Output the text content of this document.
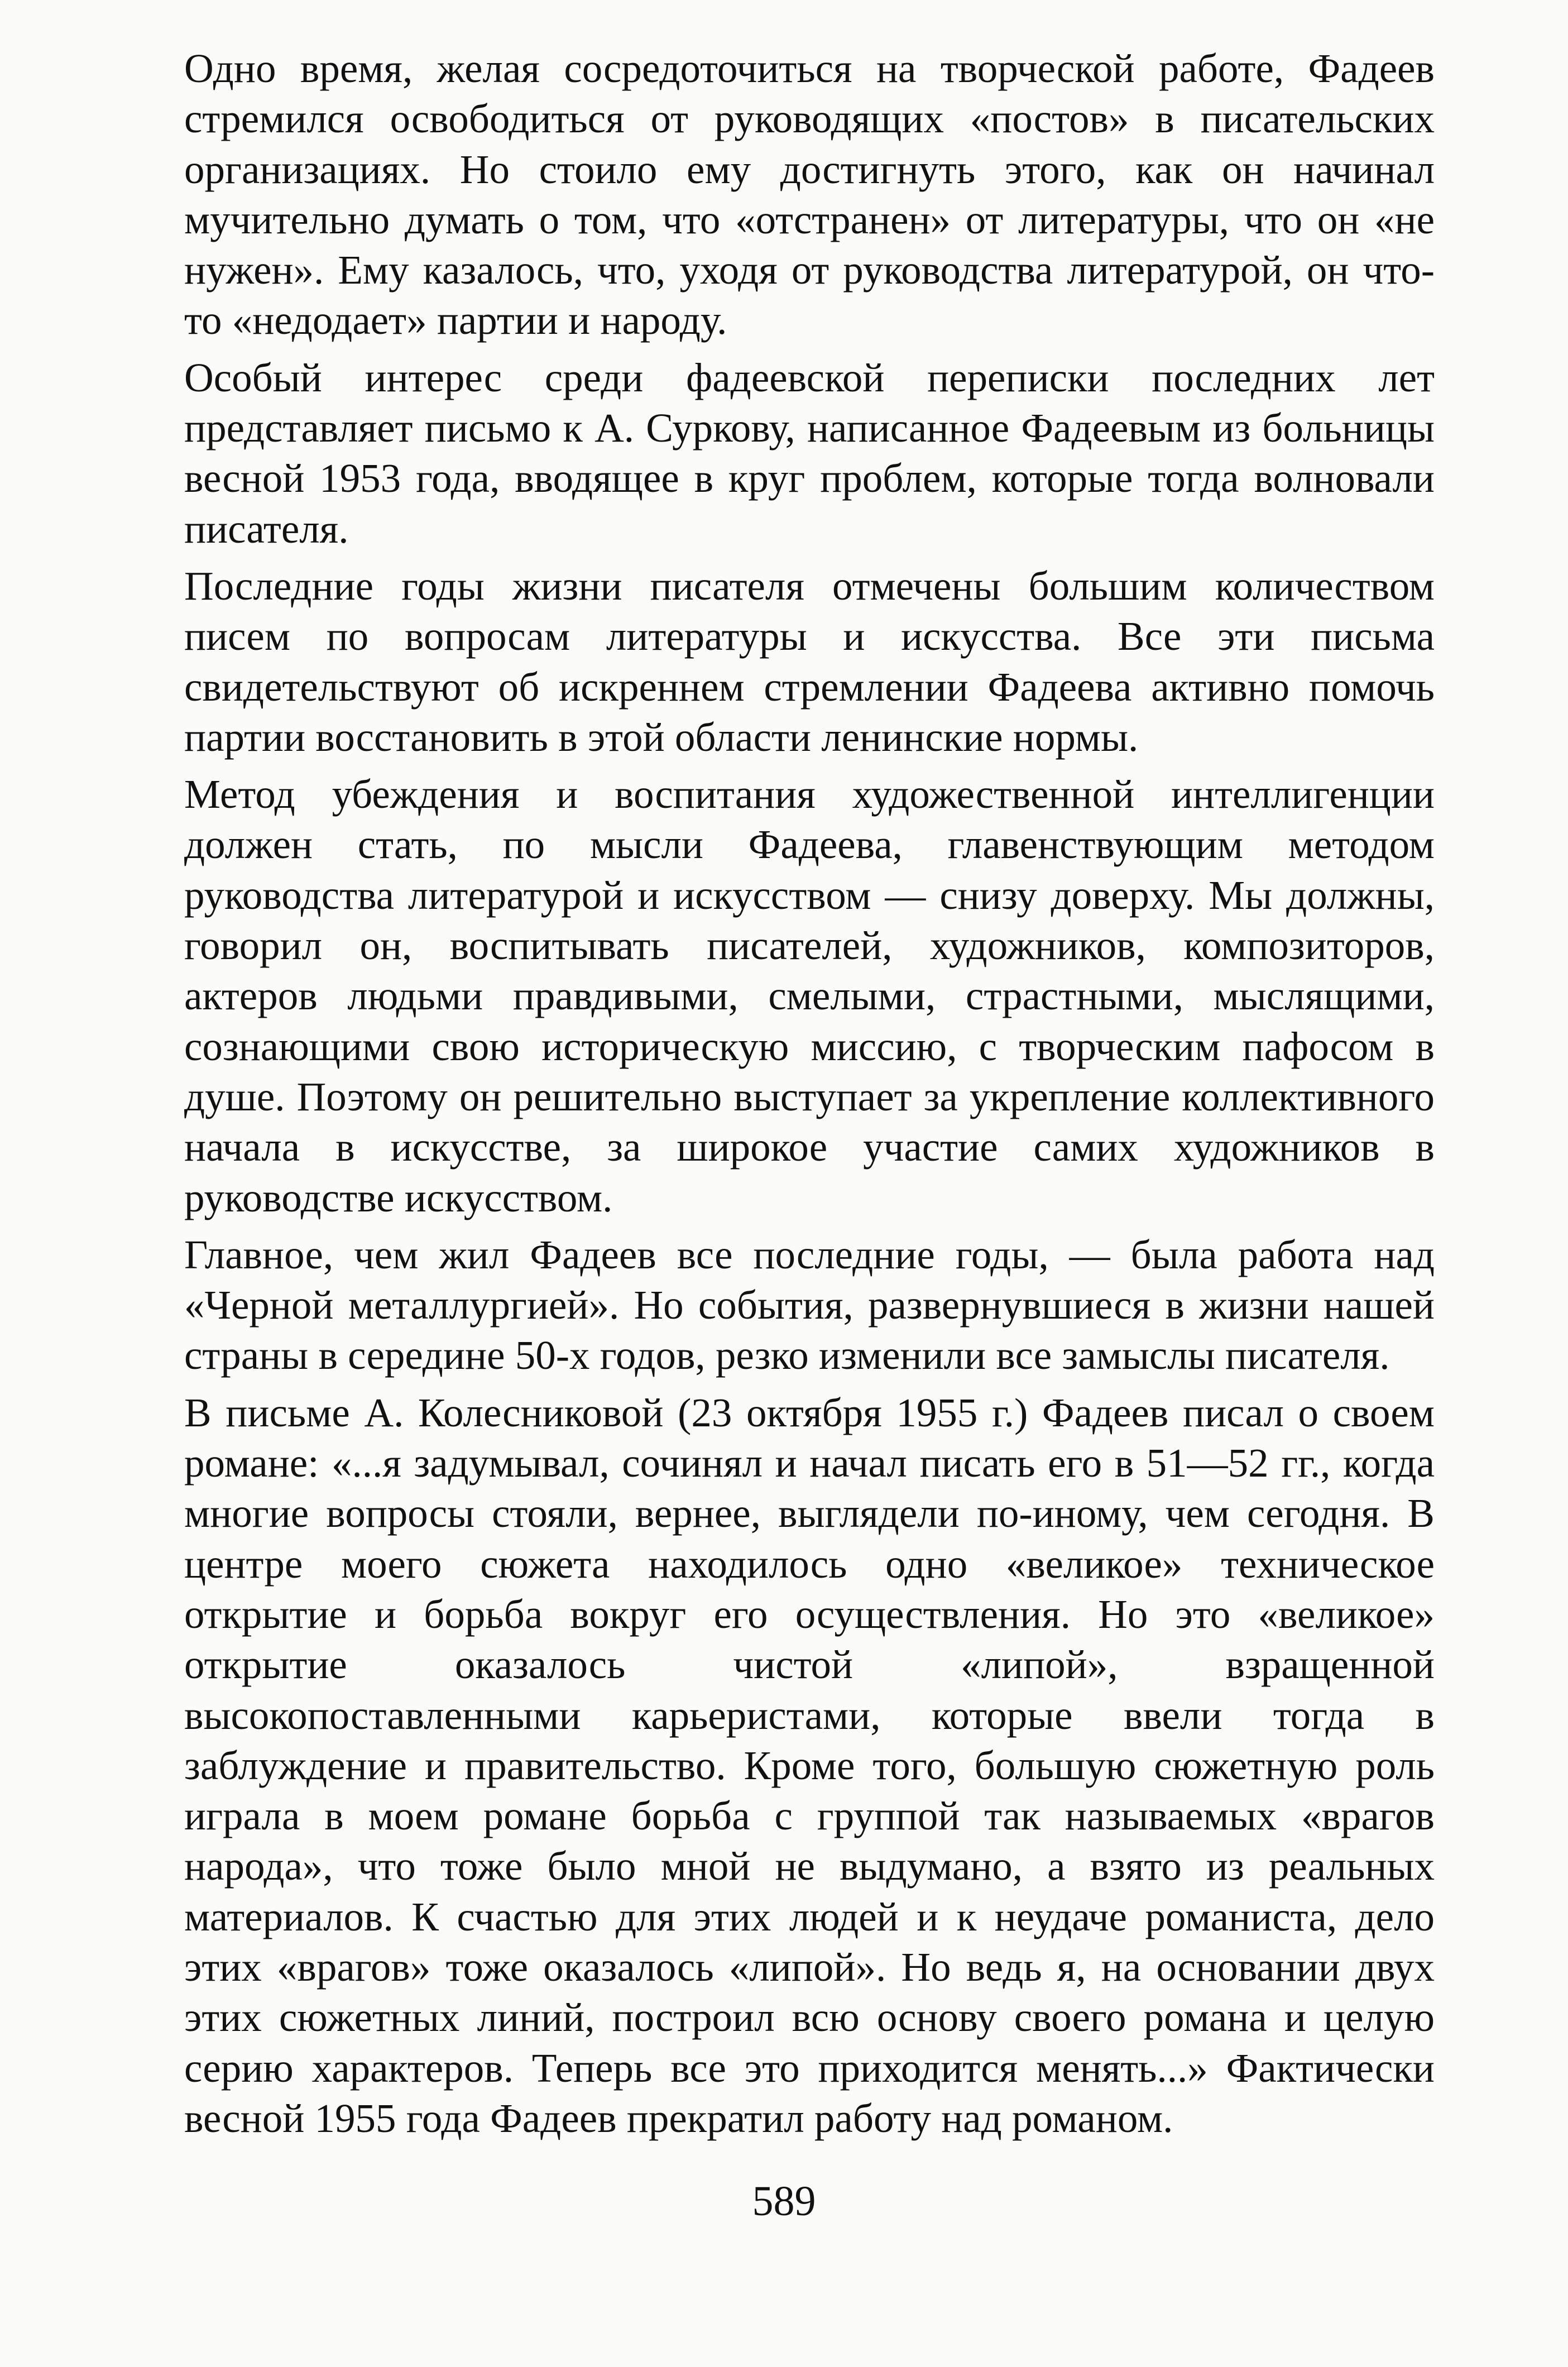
Одно время, желая сосредоточиться на творческой работе, Фадеев стремился освободиться от руководящих «постов» в писательских организациях. Но стоило ему достигнуть этого, как он начинал мучительно думать о том, что «отстранен» от литературы, что он «не нужен». Ему казалось, что, уходя от руководства литературой, он что-то «недодает» партии и народу.

Особый интерес среди фадеевской переписки последних лет представляет письмо к А. Суркову, написанное Фадеевым из больницы весной 1953 года, вводящее в круг проблем, которые тогда волновали писателя.

Последние годы жизни писателя отмечены большим количеством писем по вопросам литературы и искусства. Все эти письма свидетельствуют об искреннем стремлении Фадеева активно помочь партии восстановить в этой области ленинские нормы.

Метод убеждения и воспитания художественной интеллигенции должен стать, по мысли Фадеева, главенствующим методом руководства литературой и искусством — снизу доверху. Мы должны, говорил он, воспитывать писателей, художников, композиторов, актеров людьми правдивыми, смелыми, страстными, мыслящими, сознающими свою историческую миссию, с творческим пафосом в душе. Поэтому он решительно выступает за укрепление коллективного начала в искусстве, за широкое участие самих художников в руководстве искусством.

Главное, чем жил Фадеев все последние годы, — была работа над «Черной металлургией». Но события, развернувшиеся в жизни нашей страны в середине 50-х годов, резко изменили все замыслы писателя.

В письме А. Колесниковой (23 октября 1955 г.) Фадеев писал о своем романе: «...я задумывал, сочинял и начал писать его в 51—52 гг., когда многие вопросы стояли, вернее, выглядели по-иному, чем сегодня. В центре моего сюжета находилось одно «великое» техническое открытие и борьба вокруг его осуществления. Но это «великое» открытие оказалось чистой «липой», взращенной высокопоставленными карьеристами, которые ввели тогда в заблуждение и правительство. Кроме того, большую сюжетную роль играла в моем романе борьба с группой так называемых «врагов народа», что тоже было мной не выдумано, а взято из реальных материалов. К счастью для этих людей и к неудаче романиста, дело этих «врагов» тоже оказалось «липой». Но ведь я, на основании двух этих сюжетных линий, построил всю основу своего романа и целую серию характеров. Теперь все это приходится менять...» Фактически весной 1955 года Фадеев прекратил работу над романом.

589
